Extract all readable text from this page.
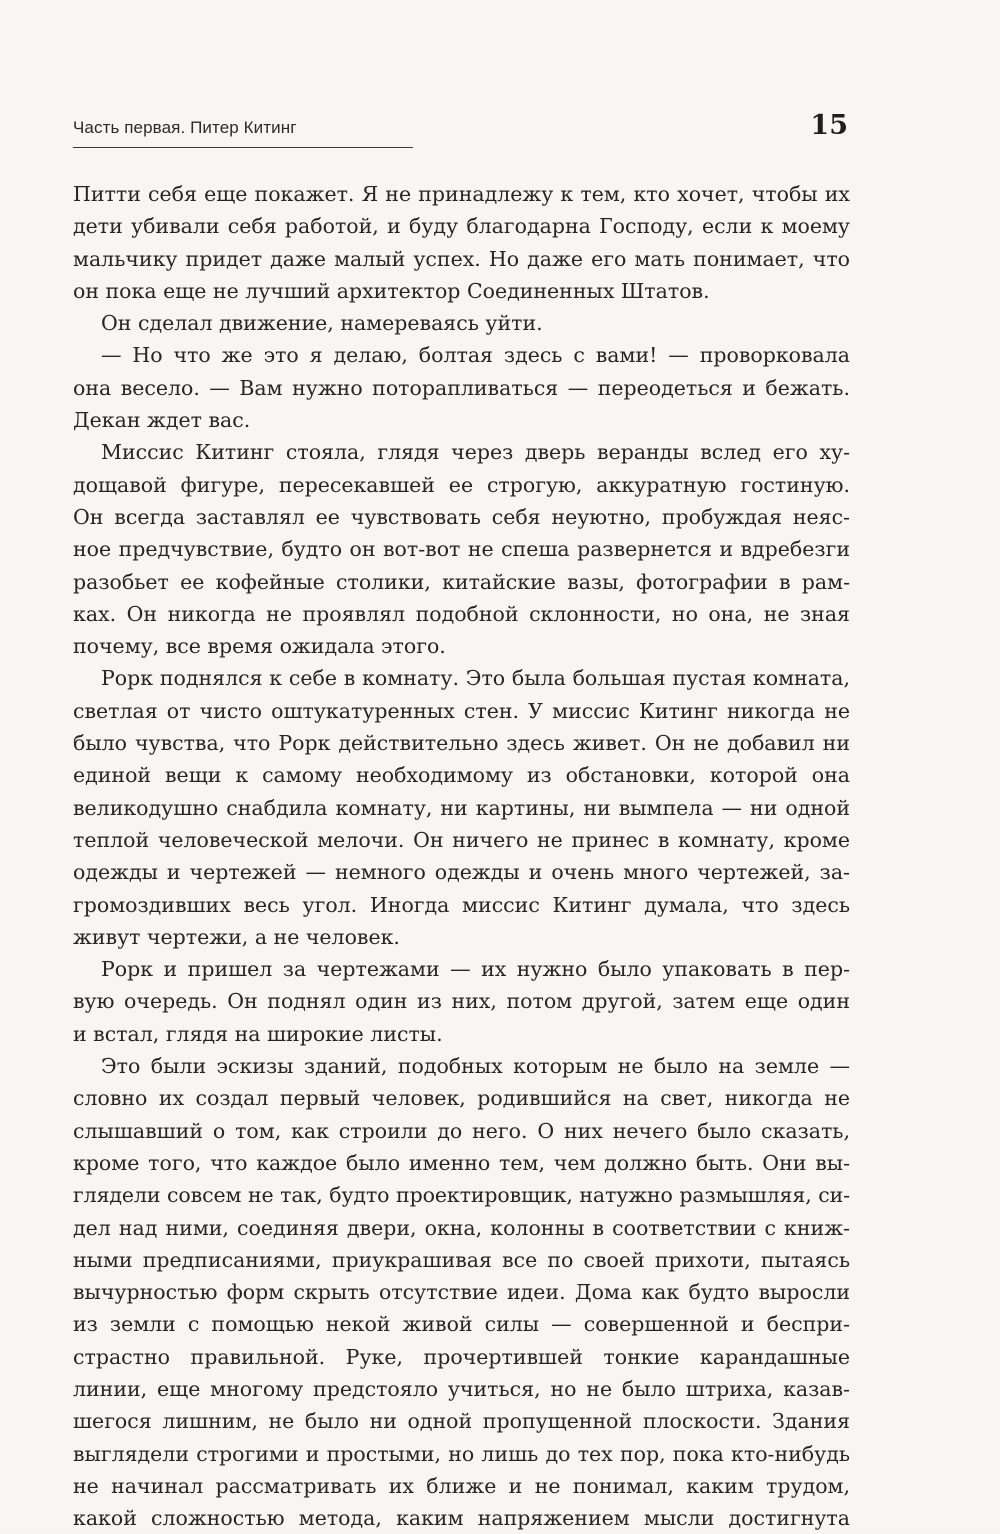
Часть первая. Питер Китинг	15
Питти себя еще покажет. Я не принадлежу к тем, кто хочет, чтобы их
дети убивали себя работой, и буду благодарна Господу, если к моему
мальчику придет даже малый успех. Но даже его мать понимает, что
он пока еще не лучший архитектор Соединенных Штатов.
Он сделал движение, намереваясь уйти.
— Но что же это я делаю, болтая здесь с вами! — проворковала
она весело. — Вам нужно поторапливаться — переодеться и бежать.
Декан ждет вас.
Миссис Китинг стояла, глядя через дверь веранды вслед его ху-
дощавой фигуре, пересекавшей ее строгую, аккуратную гостиную.
Он всегда заставлял ее чувствовать себя неуютно, пробуждая неяс-
ное предчувствие, будто он вот-вот не спеша развернется и вдребезги
разобьет ее кофейные столики, китайские вазы, фотографии в рам-
ках. Он никогда не проявлял подобной склонности, но она, не зная
почему, все время ожидала этого.
Рорк поднялся к себе в комнату. Это была большая пустая комната,
светлая от чисто оштукатуренных стен. У миссис Китинг никогда не
было чувства, что Рорк действительно здесь живет. Он не добавил ни
единой вещи к самому необходимому из обстановки, которой она
великодушно снабдила комнату, ни картины, ни вымпела — ни одной
теплой человеческой мелочи. Он ничего не принес в комнату, кроме
одежды и чертежей — немного одежды и очень много чертежей, за-
громоздивших весь угол. Иногда миссис Китинг думала, что здесь
живут чертежи, а не человек.
Рорк и пришел за чертежами — их нужно было упаковать в пер-
вую очередь. Он поднял один из них, потом другой, затем еще один
и встал, глядя на широкие листы.
Это были эскизы зданий, подобных которым не было на земле —
словно их создал первый человек, родившийся на свет, никогда не
слышавший о том, как строили до него. О них нечего было сказать,
кроме того, что каждое было именно тем, чем должно быть. Они вы-
глядели совсем не так, будто проектировщик, натужно размышляя, си-
дел над ними, соединяя двери, окна, колонны в соответствии с книж-
ными предписаниями, приукрашивая все по своей прихоти, пытаясь
вычурностью форм скрыть отсутствие идеи. Дома как будто выросли
из земли с помощью некой живой силы — совершенной и беспри-
страстно правильной. Руке, прочертившей тонкие карандашные
линии, еще многому предстояло учиться, но не было штриха, казав-
шегося лишним, не было ни одной пропущенной плоскости. Здания
выглядели строгими и простыми, но лишь до тех пор, пока кто-нибудь
не начинал рассматривать их ближе и не понимал, каким трудом,
какой сложностью метода, каким напряжением мысли достигнута
